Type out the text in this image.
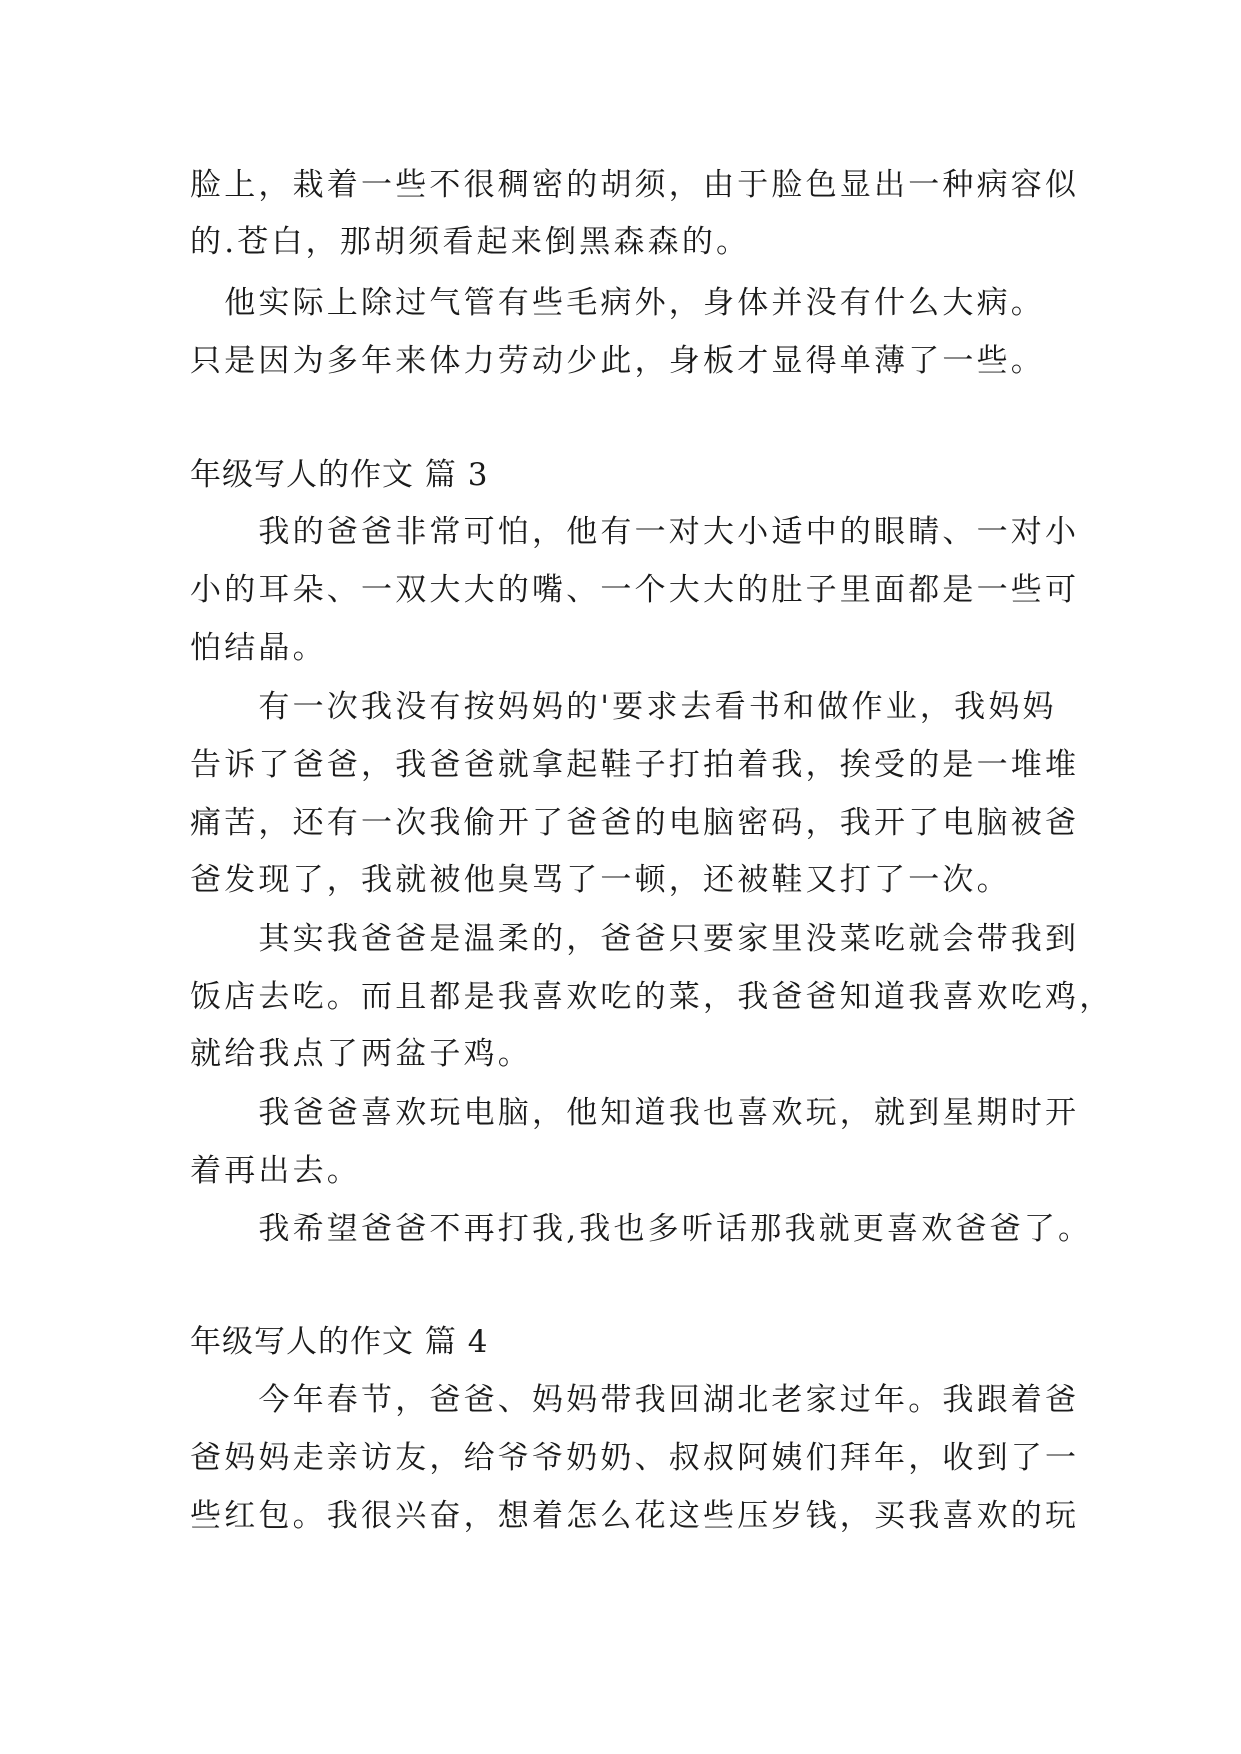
脸上，栽着一些不很稠密的胡须，由于脸色显出一种病容似
的.苍白，那胡须看起来倒黑森森的。
　他实际上除过气管有些毛病外，身体并没有什么大病。
只是因为多年来体力劳动少此，身板才显得单薄了一些。
年级写人的作文 篇 3
　　我的爸爸非常可怕，他有一对大小适中的眼睛、一对小
小的耳朵、一双大大的嘴、一个大大的肚子里面都是一些可
怕结晶。
　　有一次我没有按妈妈的'要求去看书和做作业，我妈妈
告诉了爸爸，我爸爸就拿起鞋子打拍着我，挨受的是一堆堆
痛苦，还有一次我偷开了爸爸的电脑密码，我开了电脑被爸
爸发现了，我就被他臭骂了一顿，还被鞋又打了一次。
　　其实我爸爸是温柔的，爸爸只要家里没菜吃就会带我到
饭店去吃。而且都是我喜欢吃的菜，我爸爸知道我喜欢吃鸡，
就给我点了两盆子鸡。
　　我爸爸喜欢玩电脑，他知道我也喜欢玩，就到星期时开
着再出去。
　　我希望爸爸不再打我,我也多听话那我就更喜欢爸爸了。
年级写人的作文 篇 4
　　今年春节，爸爸、妈妈带我回湖北老家过年。我跟着爸
爸妈妈走亲访友，给爷爷奶奶、叔叔阿姨们拜年，收到了一
些红包。我很兴奋，想着怎么花这些压岁钱，买我喜欢的玩
